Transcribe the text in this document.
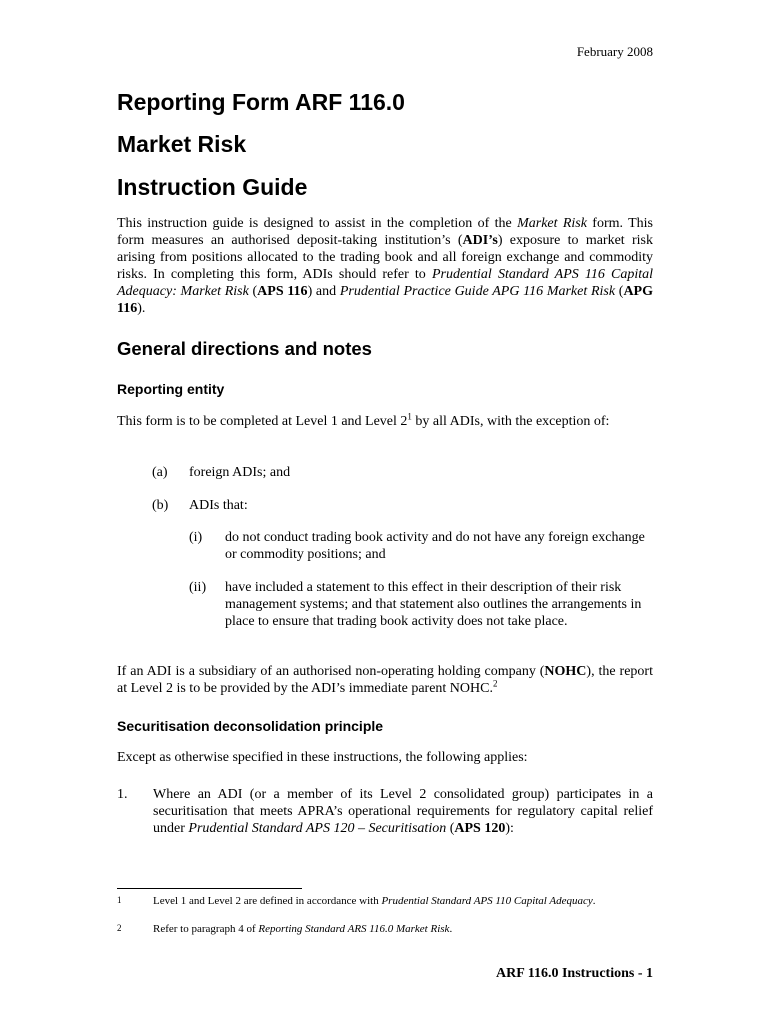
February 2008
Reporting Form ARF 116.0
Market Risk
Instruction Guide
This instruction guide is designed to assist in the completion of the Market Risk form. This form measures an authorised deposit-taking institution’s (ADI’s) exposure to market risk arising from positions allocated to the trading book and all foreign exchange and commodity risks. In completing this form, ADIs should refer to Prudential Standard APS 116 Capital Adequacy: Market Risk (APS 116) and Prudential Practice Guide APG 116 Market Risk (APG 116).
General directions and notes
Reporting entity
This form is to be completed at Level 1 and Level $2^1$ by all ADIs, with the exception of:
(a) foreign ADIs; and
(b) ADIs that:
(i) do not conduct trading book activity and do not have any foreign exchange or commodity positions; and
(ii) have included a statement to this effect in their description of their risk management systems; and that statement also outlines the arrangements in place to ensure that trading book activity does not take place.
If an ADI is a subsidiary of an authorised non-operating holding company (NOHC), the report at Level 2 is to be provided by the ADI’s immediate parent NOHC.$^2$
Securitisation deconsolidation principle
Except as otherwise specified in these instructions, the following applies:
1. Where an ADI (or a member of its Level 2 consolidated group) participates in a securitisation that meets APRA’s operational requirements for regulatory capital relief under Prudential Standard APS 120 – Securitisation (APS 120):
1	Level 1 and Level 2 are defined in accordance with Prudential Standard APS 110 Capital Adequacy.
2	Refer to paragraph 4 of Reporting Standard ARS 116.0 Market Risk.
ARF 116.0 Instructions - 1
